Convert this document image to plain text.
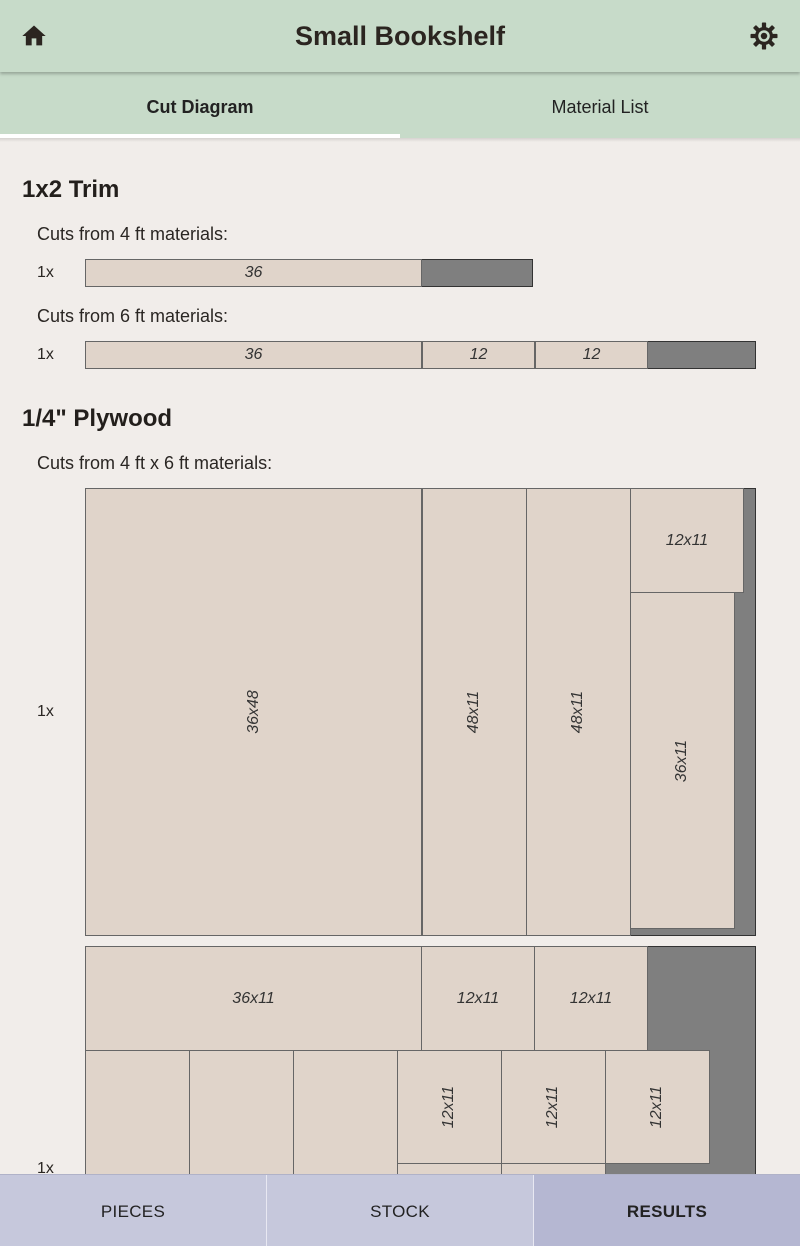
Small Bookshelf
Cut Diagram	Material List
1x2 Trim
Cuts from 4 ft materials:
1x	36
Cuts from 6 ft materials:
1x	36	12	12
1/4" Plywood
Cuts from 4 ft x 6 ft materials:
1x	36x48	48x11	48x11
12x11
36x11
1x
36x11	12x11	12x11
12x11	12x11	12x11
PIECES	STOCK	RESULTS
